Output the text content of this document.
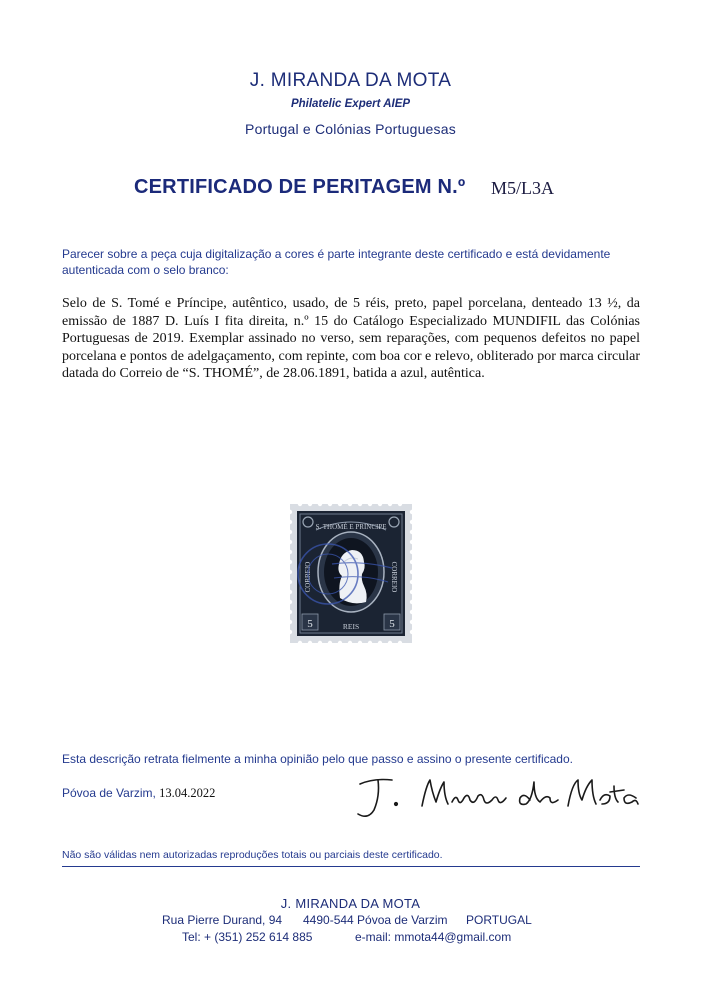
J. MIRANDA DA MOTA
Philatelic Expert AIEP
Portugal e Colónias Portuguesas
CERTIFICADO DE PERITAGEM N.º M5/L3A
Parecer sobre a peça cuja digitalização a cores é parte integrante deste certificado e está devidamente autenticada com o selo branco:
Selo de S. Tomé e Príncipe, autêntico, usado, de 5 réis, preto, papel porcelana, denteado 13 ½, da emissão de 1887 D. Luís I fita direita, n.º 15 do Catálogo Especializado MUNDIFIL das Colónias Portuguesas de 2019. Exemplar assinado no verso, sem reparações, com pequenos defeitos no papel porcelana e pontos de adelgaçamento, com repinte, com boa cor e relevo, obliterado por marca circular datada do Correio de “S. THOMÉ”, de 28.06.1891, batida a azul, autêntica.
S. THOMÉ E PRINCIPE
CORREIO	CORREIO
5	5
REIS
Esta descrição retrata fielmente a minha opinião pelo que passo e assino o presente certificado.
Póvoa de Varzim, 13.04.2022
Não são válidas nem autorizadas reproduções totais ou parciais deste certificado.
J. MIRANDA DA MOTA
Rua Pierre Durand, 94 4490-544 Póvoa de Varzim PORTUGAL
Tel: + (351) 252 614 885	e-mail: mmota44@gmail.com
